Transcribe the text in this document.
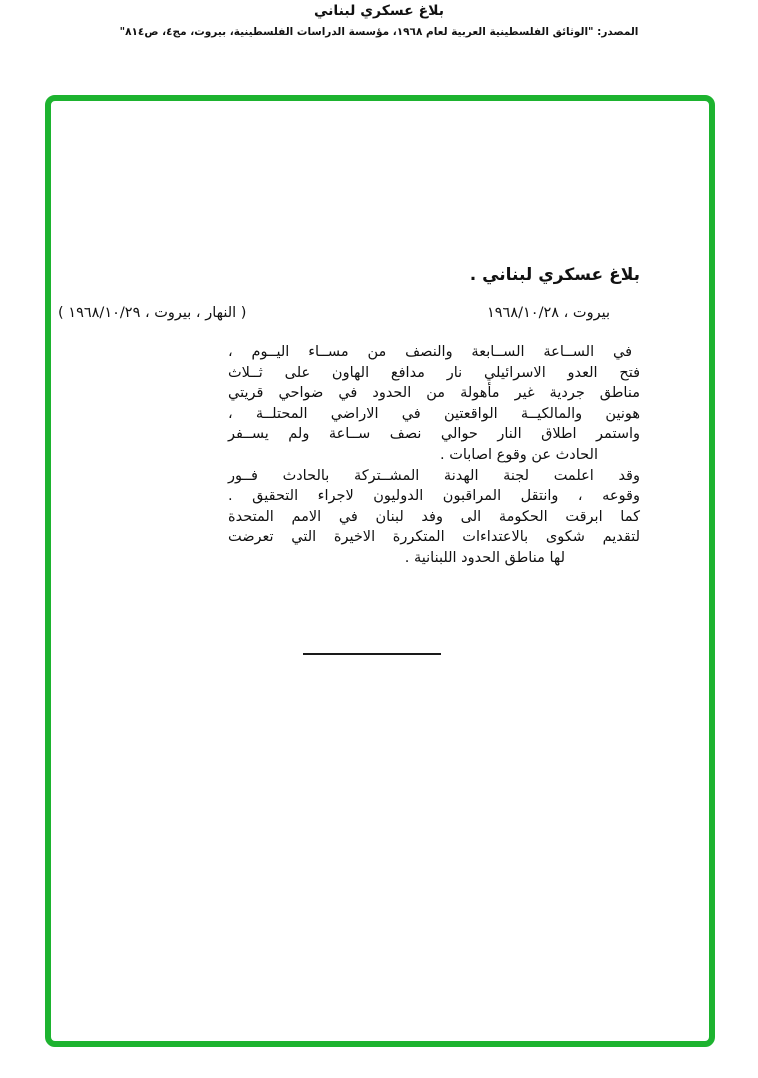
بلاغ عسكري لبناني
المصدر: "الوثائق الفلسطينية العربية لعام ١٩٦٨، مؤسسة الدراسات الفلسطينية، بيروت، مج٤، ص٨١٤"
بلاغ عسكري لبناني .
بيروت ، ١٩٦٨/١٠/٢٨
( النهار ، بيروت ، ١٩٦٨/١٠/٢٩ )
في الســاعة الســابعة والنصف من مســاء اليــوم ،
فتح العدو الاسرائيلي نار مدافع الهاون على ثــلاث
مناطق جردية غير مأهولة من الحدود في ضواحي قريتي
هونين والمالكيــة الواقعتين في الاراضي المحتلــة ،
واستمر اطلاق النار حوالي نصف ســاعة ولم يســفر
الحادث عن وقوع اصابات .
وقد اعلمت لجنة الهدنة المشــتركة بالحادث فــور
وقوعه ، وانتقل المراقبون الدوليون لاجراء التحقيق .
كما ابرقت الحكومة الى وفد لبنان في الامم المتحدة
لتقديم شكوى بالاعتداءات المتكررة الاخيرة التي تعرضت
لها مناطق الحدود اللبنانية .
